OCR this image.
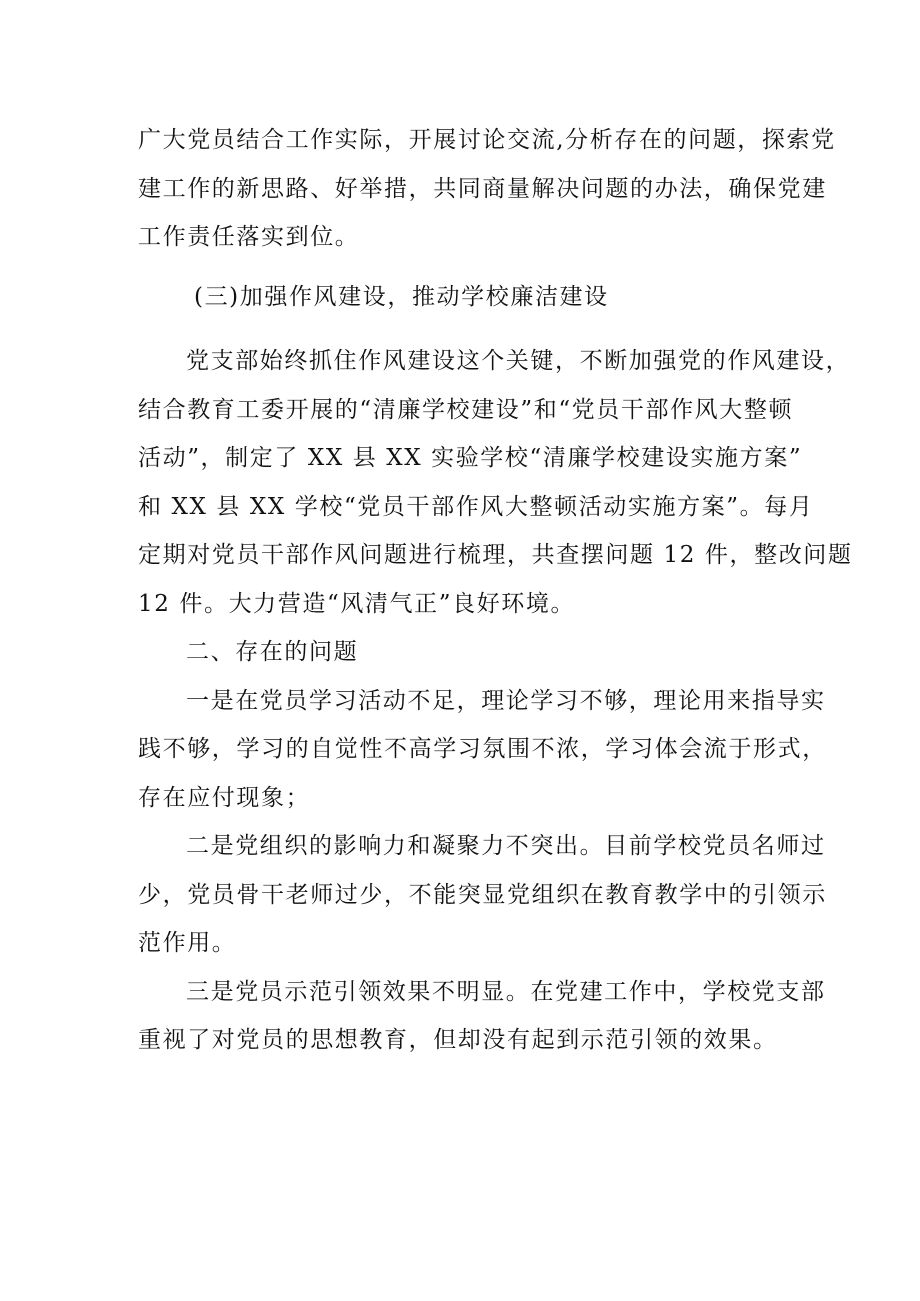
广大党员结合工作实际，开展讨论交流,分析存在的问题，探索党
建工作的新思路、好举措，共同商量解决问题的办法，确保党建
工作责任落实到位。
(三)加强作风建设，推动学校廉洁建设
党支部始终抓住作风建设这个关键，不断加强党的作风建设，
结合教育工委开展的“清廉学校建设”和“党员干部作风大整顿
活动”，制定了 XX 县 XX 实验学校“清廉学校建设实施方案”
和 XX 县 XX 学校“党员干部作风大整顿活动实施方案”。每月
定期对党员干部作风问题进行梳理，共查摆问题 12 件，整改问题
12 件。大力营造“风清气正”良好环境。
二、存在的问题
一是在党员学习活动不足，理论学习不够，理论用来指导实
践不够，学习的自觉性不高学习氛围不浓，学习体会流于形式，
存在应付现象；
二是党组织的影响力和凝聚力不突出。目前学校党员名师过
少，党员骨干老师过少，不能突显党组织在教育教学中的引领示
范作用。
三是党员示范引领效果不明显。在党建工作中，学校党支部
重视了对党员的思想教育，但却没有起到示范引领的效果。
